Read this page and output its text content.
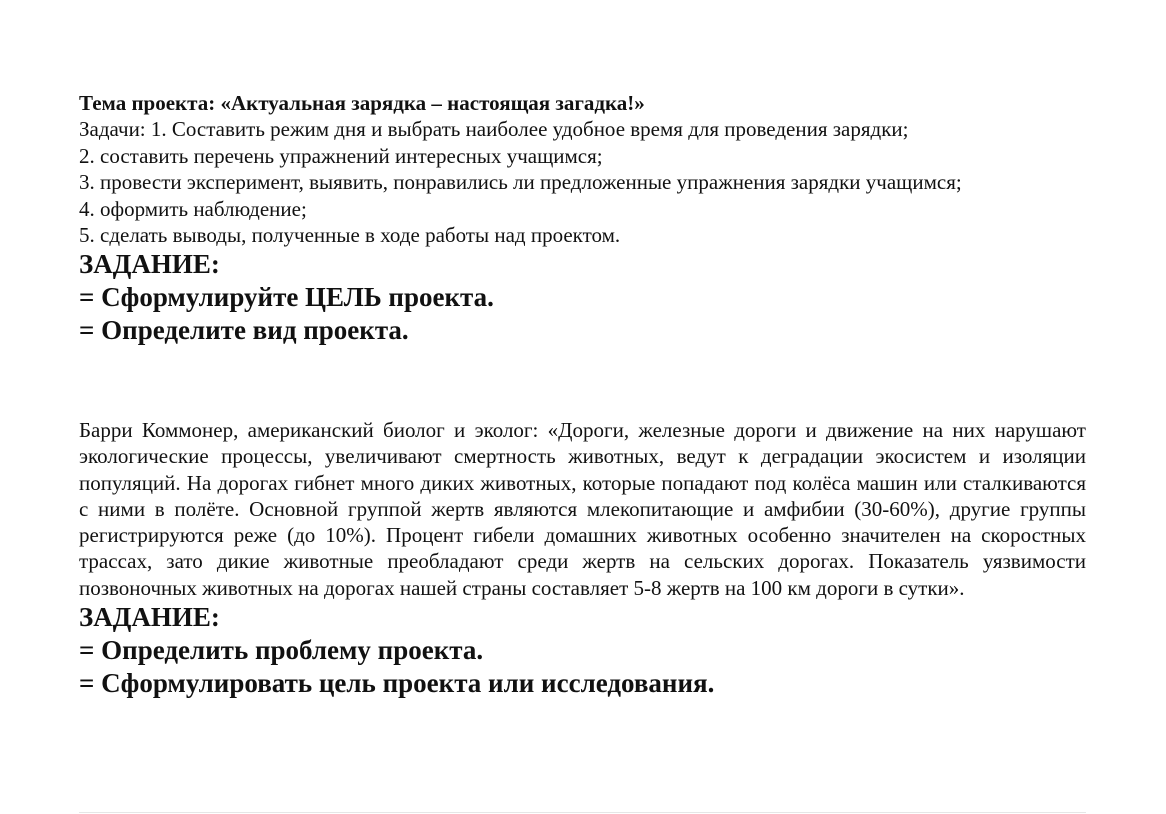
Тема проекта: «Актуальная зарядка – настоящая загадка!»

Задачи: 1. Составить режим дня и выбрать наиболее удобное время для проведения зарядки;

2. составить перечень упражнений интересных учащимся;

3. провести эксперимент, выявить, понравились ли предложенные упражнения зарядки учащимся;

4. оформить наблюдение;

5. сделать выводы, полученные в ходе работы над проектом.

ЗАДАНИЕ:

= Сформулируйте ЦЕЛЬ проекта.

= Определите вид проекта.

Барри Коммонер, американский биолог и эколог: «Дороги, железные дороги и движение на них нарушают экологические процессы, увеличивают смертность животных, ведут к деградации экосистем и изоляции популяций. На дорогах гибнет много диких животных, которые попадают под колёса машин или сталкиваются с ними в полёте. Основной группой жертв являются млекопитающие и амфибии (30-60%), другие группы регистрируются реже (до 10%). Процент гибели домашних животных особенно значителен на скоростных трассах, зато дикие животные преобладают среди жертв на сельских дорогах. Показатель уязвимости позвоночных животных на дорогах нашей страны составляет 5-8 жертв на 100 км дороги в сутки».

ЗАДАНИЕ:

= Определить проблему проекта.

= Сформулировать цель проекта или исследования.
